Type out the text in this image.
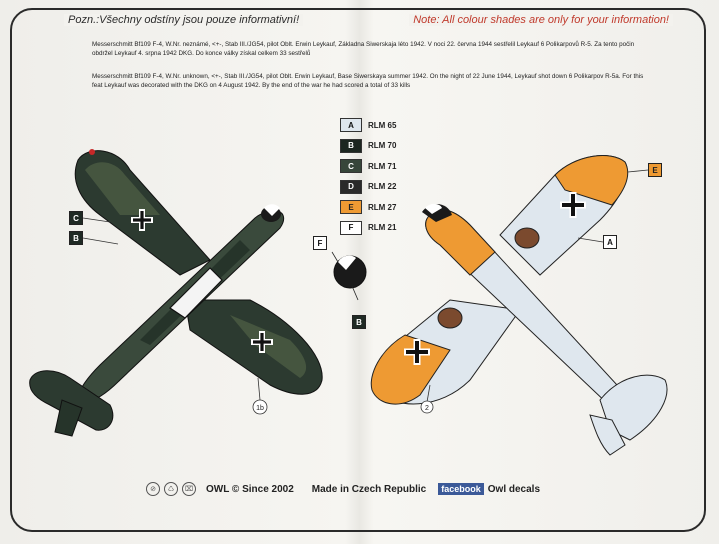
Pozn.:Všechny odstíny jsou pouze informativní!	Note: All colour shades are only for your information!
Messerschmitt Bf109 F-4, W.Nr. neznámé, <+-, Stab III./JG54, pilot Oblt. Erwin Leykauf, Základna Siwerskaja léto 1942. V noci 22. června 1944 sestřelil Leykauf 6 Polikarpovů R-5. Za tento počin obdržel Leykauf 4. srpna 1942 DKG. Do konce války získal celkem 33 sestřelů
Messerschmitt Bf109 F-4, W.Nr. unknown, <+-, Stab III./JG54, pilot Oblt. Erwin Leykauf, Base Siwerskaya summer 1942. On the night of 22 June 1944, Leykauf shot down 6 Polikarpov R-5a. For this feat Leykauf was decorated with the DKG on 4 August 1942. By the end of the war he had scored a total of 33 kills
1b	2
A	RLM 65
B	RLM 70
C	RLM 71
D	RLM 22
E	RLM 27
F	RLM 21
C
B
F
B
E
A
⊘	♺	⌧ OWL © Since 2002 Made in Czech Republic	facebook Owl decals
